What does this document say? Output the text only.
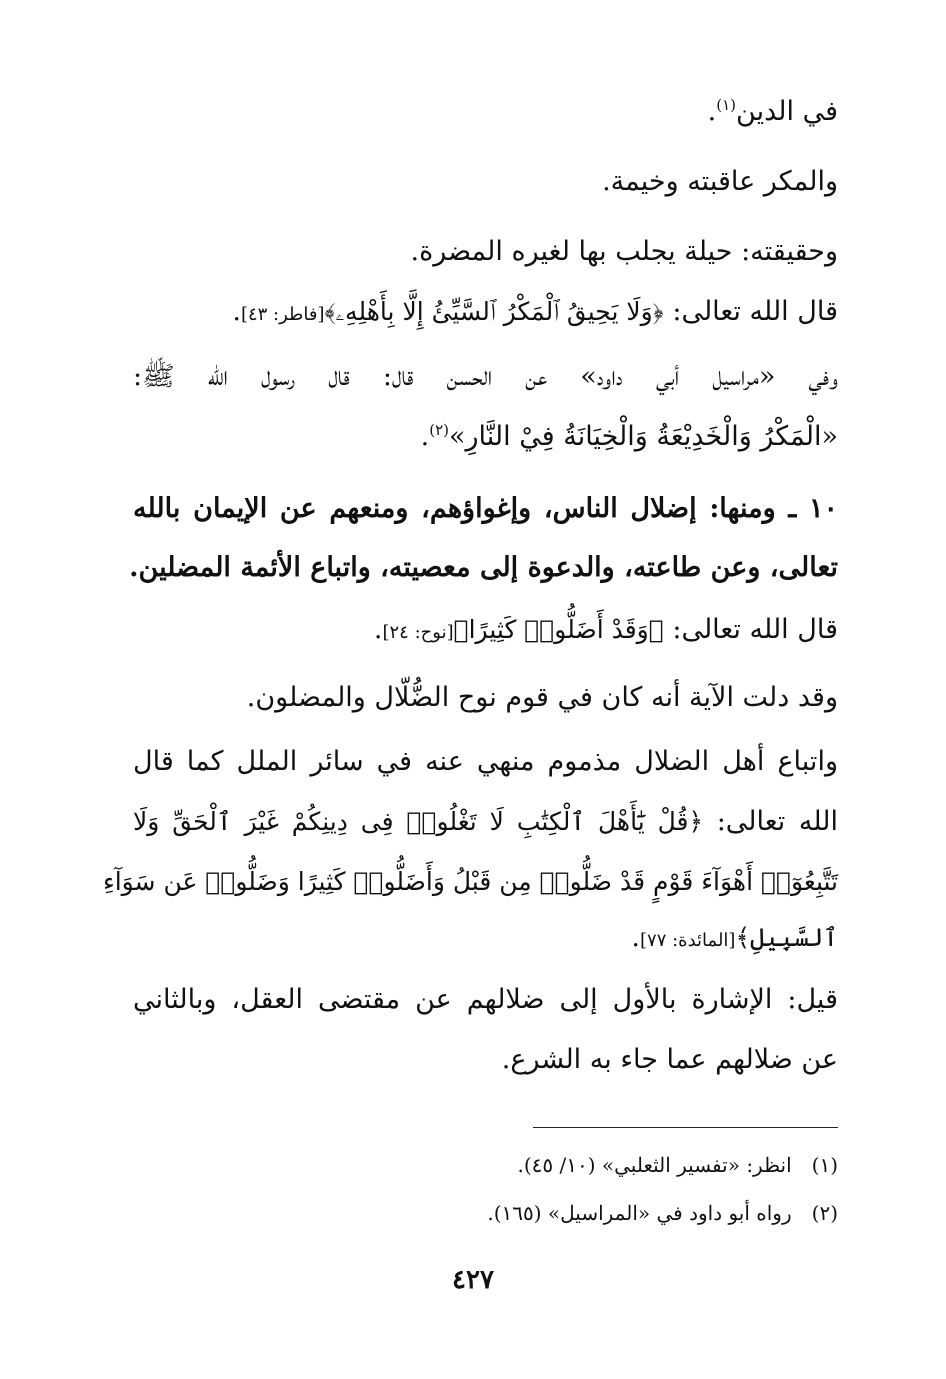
في الدين$^{(١)}$.
والمكر عاقبته وخيمة.
وحقيقته: حيلة يجلب بها لغيره المضرة.
قال الله تعالى: ﴿وَلَا يَحِيقُ ٱلْمَكْرُ ٱلسَّيِّئُ إِلَّا بِأَهْلِهِۦ﴾[فاطر: ٤٣].
وفي «مراسيل أبي داود» عن الحسن قال: قال رسول الله ﷺ:
«الْمَكْرُ وَالْخَدِيْعَةُ وَالْخِيَانَةُ فِيْ النَّارِ»$^{(٢)}$.
١٠ ـ ومنها: إضلال الناس، وإغواؤهم، ومنعهم عن الإيمان بالله
تعالى، وعن طاعته، والدعوة إلى معصيته، واتباع الأئمة المضلين.
قال الله تعالى: ﴿وَقَدْ أَضَلُّوا۟ كَثِيرًا﴾[نوح: ٢٤].
وقد دلت الآية أنه كان في قوم نوح الضُّلّال والمضلون.
واتباع أهل الضلال مذموم منهي عنه في سائر الملل كما قال
الله تعالى: ﴿قُلْ يَٰٓأَهْلَ ٱلْكِتَٰبِ لَا تَغْلُوا۟ فِى دِينِكُمْ غَيْرَ ٱلْحَقِّ وَلَا
تَتَّبِعُوٓا۟ أَهْوَآءَ قَوْمٍ قَدْ ضَلُّوا۟ مِن قَبْلُ وَأَضَلُّوا۟ كَثِيرًا وَضَلُّوا۟ عَن سَوَآءِ
ٱلسَّبِيلِ﴾[المائدة: ٧٧].
قيل: الإشارة بالأول إلى ضلالهم عن مقتضى العقل، وبالثاني
عن ضلالهم عما جاء به الشرع.
(١)انظر: «تفسير الثعلبي» (١٠/ ٤٥).
(٢)رواه أبو داود في «المراسيل» (١٦٥).
٤٢٧
